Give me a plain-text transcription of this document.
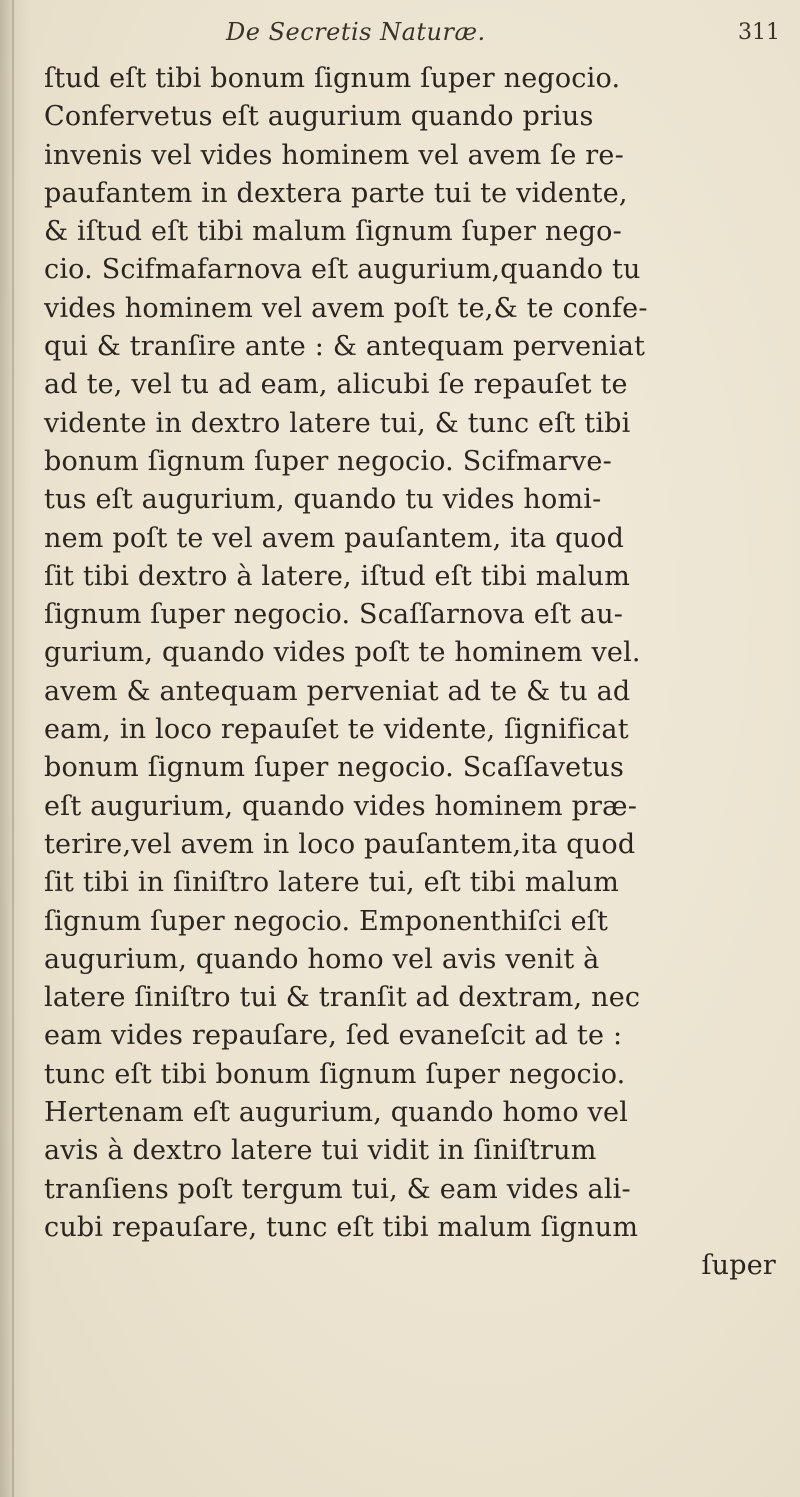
De Secretis Naturæ.	311
ſtud eſt tibi bonum ſignum ſuper negocio.
Confervetus eſt augurium quando prius
invenis vel vides hominem vel avem ſe re-
paufantem in dextera parte tui te vidente,
& iſtud eſt tibi malum ſignum ſuper nego-
cio. Scifmafarnova eſt augurium,quando tu
vides hominem vel avem poſt te,& te confe-
qui & tranſire ante : & antequam perveniat
ad te, vel tu ad eam, alicubi ſe repauſet te
vidente in dextro latere tui, & tunc eſt tibi
bonum ſignum ſuper negocio. Scifmarve-
tus eſt augurium, quando tu vides homi-
nem poſt te vel avem pauſantem, ita quod
ſit tibi dextro à latere, iſtud eſt tibi malum
ſignum ſuper negocio. Scaſſarnova eſt au-
gurium, quando vides poſt te hominem vel.
avem & antequam perveniat ad te & tu ad
eam, in loco repauſet te vidente, ſignificat
bonum ſignum ſuper negocio. Scaſſavetus
eſt augurium, quando vides hominem præ-
terire,vel avem in loco pauſantem,ita quod
ſit tibi in ſiniſtro latere tui, eſt tibi malum
ſignum ſuper negocio. Emponenthiſci eſt
augurium, quando homo vel avis venit à
latere ſiniſtro tui & tranſit ad dextram, nec
eam vides repauſare, ſed evaneſcit ad te :
tunc eſt tibi bonum ſignum ſuper negocio.
Hertenam eſt augurium, quando homo vel
avis à dextro latere tui vidit in ſiniſtrum
tranſiens poſt tergum tui, & eam vides ali-
cubi repauſare, tunc eſt tibi malum ſignum
ſuper
